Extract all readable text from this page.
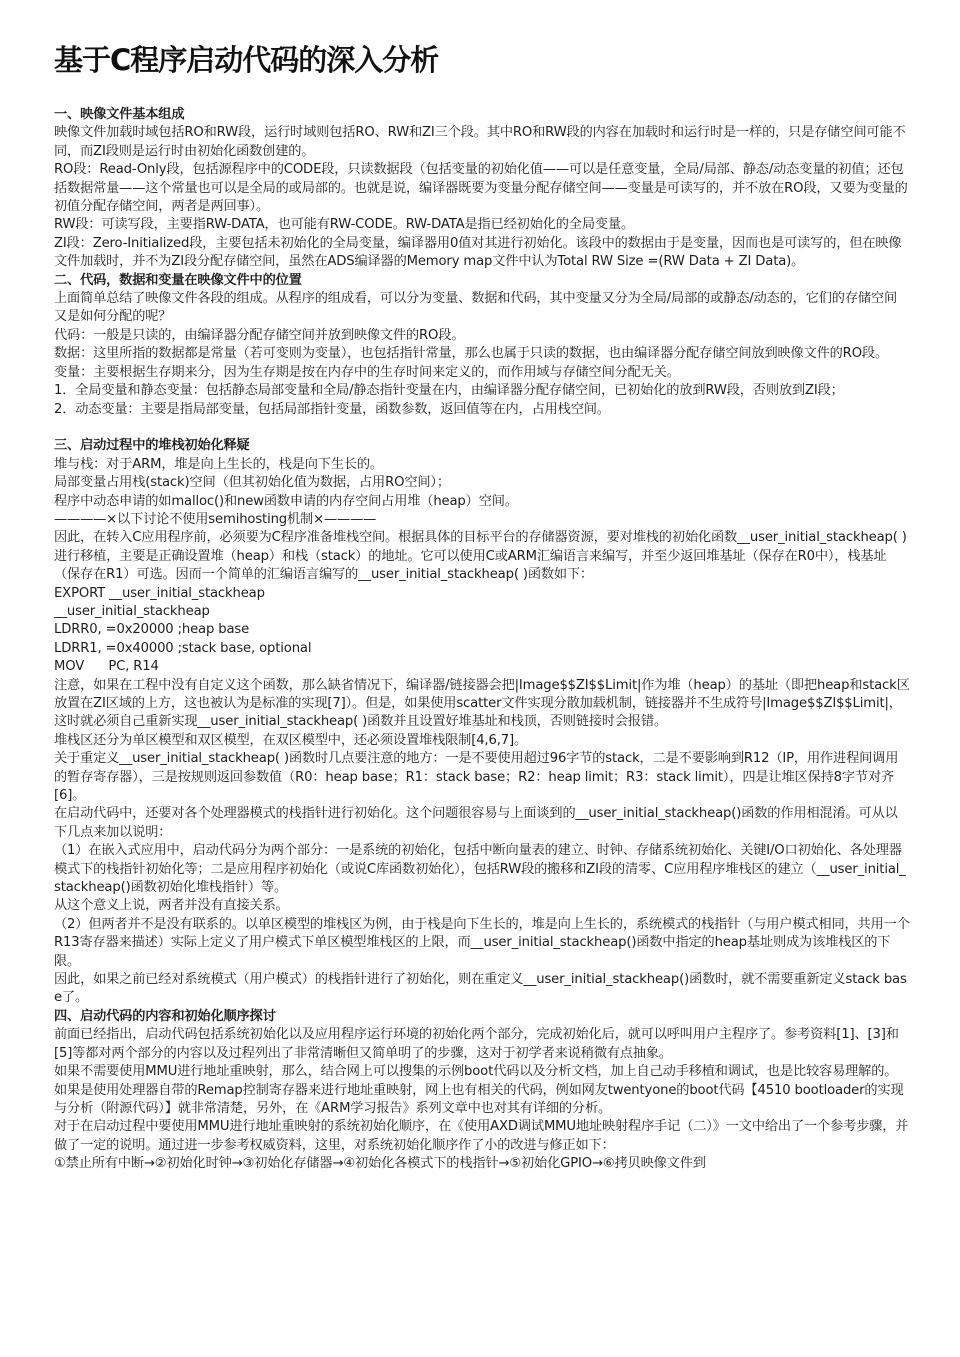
基于C程序启动代码的深入分析

一、映像文件基本组成

映像文件加载时域包括RO和RW段，运行时域则包括RO、RW和ZI三个段。其中RO和RW段的内容在加载时和运行时是一样的，只是存储空间可能不同，而ZI段则是运行时由初始化函数创建的。

RO段：Read-Only段，包括源程序中的CODE段，只读数据段（包括变量的初始化值——可以是任意变量，全局/局部、静态/动态变量的初值；还包括数据常量——这个常量也可以是全局的或局部的。也就是说，编译器既要为变量分配存储空间——变量是可读写的，并不放在RO段，又要为变量的初值分配存储空间，两者是两回事）。

RW段：可读写段，主要指RW-DATA，也可能有RW-CODE。RW-DATA是指已经初始化的全局变量。

ZI段：Zero-Initialized段，主要包括未初始化的全局变量，编译器用0值对其进行初始化。该段中的数据由于是变量，因而也是可读写的，但在映像文件加载时，并不为ZI段分配存储空间，虽然在ADS编译器的Memory map文件中认为Total RW Size =(RW Data + ZI Data)。

二、代码，数据和变量在映像文件中的位置

上面简单总结了映像文件各段的组成。从程序的组成看，可以分为变量、数据和代码，其中变量又分为全局/局部的或静态/动态的，它们的存储空间又是如何分配的呢？

代码：一般是只读的，由编译器分配存储空间并放到映像文件的RO段。

数据：这里所指的数据都是常量（若可变则为变量），也包括指针常量，那么也属于只读的数据，也由编译器分配存储空间放到映像文件的RO段。

变量：主要根据生存期来分，因为生存期是按在内存中的生存时间来定义的，而作用域与存储空间分配无关。

1．全局变量和静态变量：包括静态局部变量和全局/静态指针变量在内，由编译器分配存储空间，已初始化的放到RW段，否则放到ZI段；

2．动态变量：主要是指局部变量，包括局部指针变量，函数参数，返回值等在内，占用栈空间。

三、启动过程中的堆栈初始化释疑

堆与栈：对于ARM，堆是向上生长的，栈是向下生长的。

局部变量占用栈(stack)空间（但其初始化值为数据，占用RO空间）；

程序中动态申请的如malloc()和new函数申请的内存空间占用堆（heap）空间。

————×以下讨论不使用semihosting机制×————

因此，在转入C应用程序前，必须要为C程序准备堆栈空间。根据具体的目标平台的存储器资源，要对堆栈的初始化函数__user_initial_stackheap( )进行移植，主要是正确设置堆（heap）和栈（stack）的地址。它可以使用C或ARM汇编语言来编写，并至少返回堆基址（保存在R0中），栈基址（保存在R1）可选。因而一个简单的汇编语言编写的__user_initial_stackheap( )函数如下：

EXPORT __user_initial_stackheap

__user_initial_stackheap

LDRR0, =0x20000 ;heap base

LDRR1, =0x40000 ;stack base, optional

MOV      PC, R14

注意，如果在工程中没有自定义这个函数，那么缺省情况下，编译器/链接器会把|Image$$ZI$$Limit|作为堆（heap）的基址（即把heap和stack区放置在ZI区域的上方，这也被认为是标准的实现[7]）。但是，如果使用scatter文件实现分散加载机制，链接器并不生成符号|Image$$ZI$$Limit|，这时就必须自己重新实现__user_initial_stackheap( )函数并且设置好堆基址和栈顶，否则链接时会报错。

堆栈区还分为单区模型和双区模型，在双区模型中，还必须设置堆栈限制[4,6,7]。

关于重定义__user_initial_stackheap( )函数时几点要注意的地方：一是不要使用超过96字节的stack，二是不要影响到R12（IP，用作进程间调用的暂存寄存器），三是按规则返回参数值（R0：heap base；R1：stack base；R2：heap limit；R3：stack limit），四是让堆区保持8字节对齐[6]。

在启动代码中，还要对各个处理器模式的栈指针进行初始化。这个问题很容易与上面谈到的__user_initial_stackheap()函数的作用相混淆。可从以下几点来加以说明：

（1）在嵌入式应用中，启动代码分为两个部分：一是系统的初始化，包括中断向量表的建立、时钟、存储系统初始化、关键I/O口初始化、各处理器模式下的栈指针初始化等；二是应用程序初始化（或说C库函数初始化），包括RW段的搬移和ZI段的清零、C应用程序堆栈区的建立（__user_initial_stackheap()函数初始化堆栈指针）等。

从这个意义上说，两者并没有直接关系。

（2）但两者并不是没有联系的。以单区模型的堆栈区为例，由于栈是向下生长的，堆是向上生长的，系统模式的栈指针（与用户模式相同，共用一个R13寄存器来描述）实际上定义了用户模式下单区模型堆栈区的上限，而__user_initial_stackheap()函数中指定的heap基址则成为该堆栈区的下限。

因此，如果之前已经对系统模式（用户模式）的栈指针进行了初始化，则在重定义__user_initial_stackheap()函数时，就不需要重新定义stack base了。

四、启动代码的内容和初始化顺序探讨

前面已经指出，启动代码包括系统初始化以及应用程序运行环境的初始化两个部分，完成初始化后，就可以呼叫用户主程序了。参考资料[1]、[3]和[5]等都对两个部分的内容以及过程列出了非常清晰但又简单明了的步骤，这对于初学者来说稍微有点抽象。

如果不需要使用MMU进行地址重映射，那么，结合网上可以搜集的示例boot代码以及分析文档，加上自己动手移植和调试，也是比较容易理解的。如果是使用处理器自带的Remap控制寄存器来进行地址重映射，网上也有相关的代码，例如网友twentyone的boot代码【4510 bootloader的实现与分析（附源代码）】就非常清楚，另外，在《ARM学习报告》系列文章中也对其有详细的分析。

对于在启动过程中要使用MMU进行地址重映射的系统初始化顺序，在《使用AXD调试MMU地址映射程序手记（二）》一文中给出了一个参考步骤，并做了一定的说明。通过进一步参考权威资料，这里，对系统初始化顺序作了小的改进与修正如下：

①禁止所有中断→②初始化时钟→③初始化存储器→④初始化各模式下的栈指针→⑤初始化GPIO→⑥拷贝映像文件到
